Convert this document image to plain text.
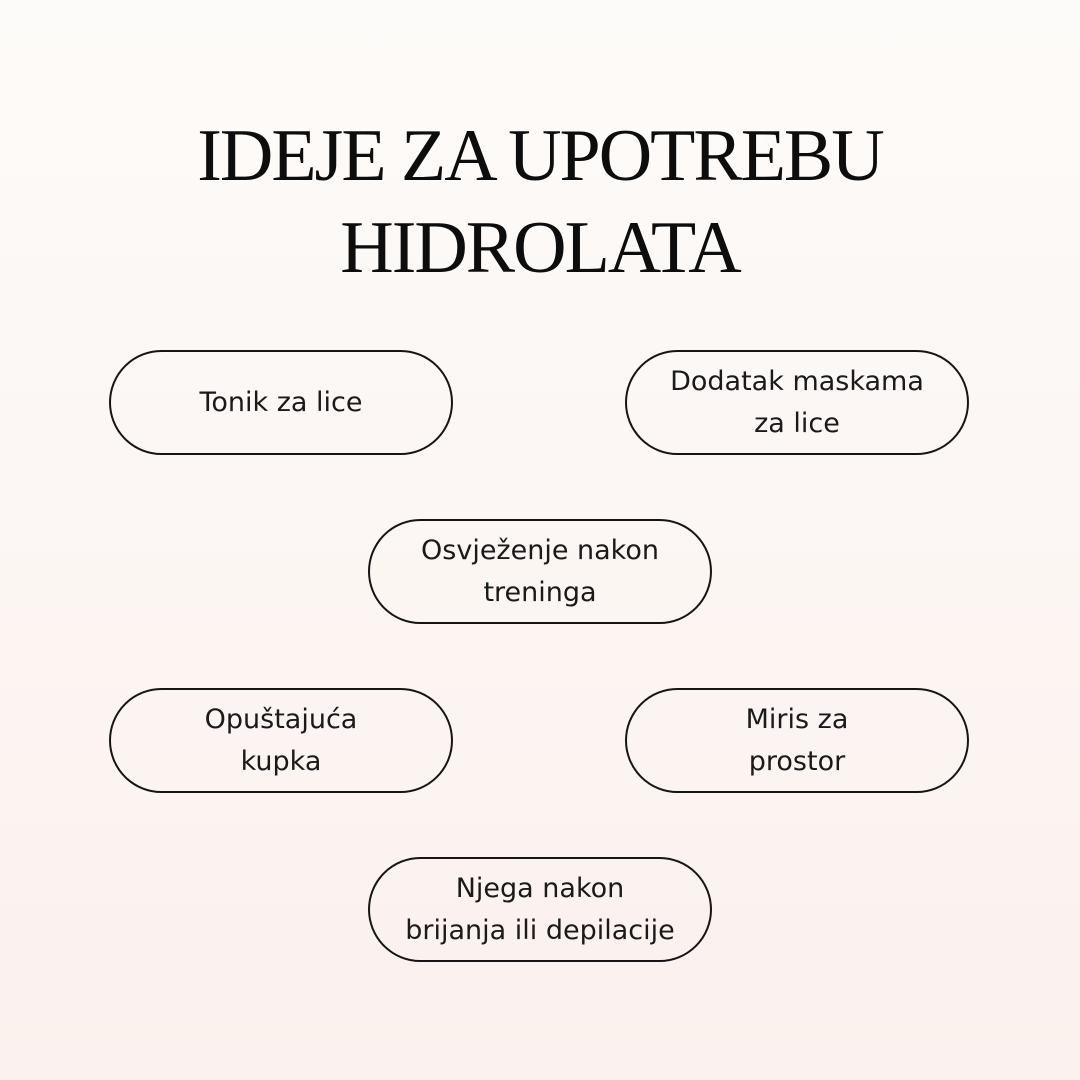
IDEJE ZA UPOTREBU
HIDROLATA
Tonik za lice
Dodatak maskama
za lice
Osvježenje nakon
treninga
Opuštajuća
kupka
Miris za
prostor
Njega nakon
brijanja ili depilacije
